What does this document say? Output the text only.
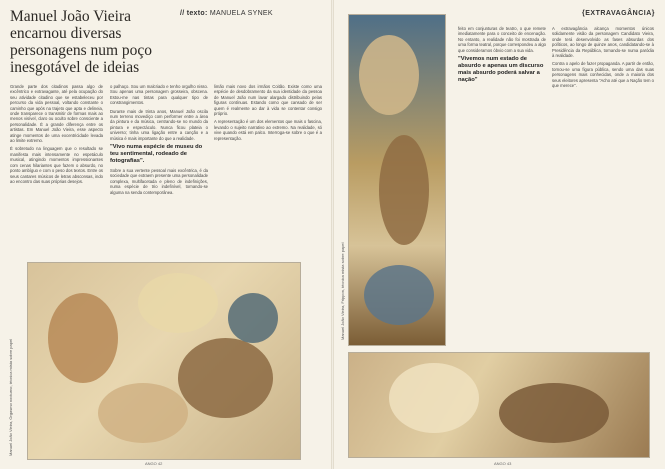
Manuel João Vieira encarnou diversas personagens num poço inesgotável de ideias
// texto: MANUELA SYNEK

Grande parte dos citadinos passa algo de excêntrico e extravagante, até pela ocupação do seu atividade citadino que se estabeleceu por percurso da vida pessoal, voltando constante o caminho que após na trajeto que apta e delineia, onde transparece o transmitir de formas mais ao menos visível, claro ou oculto sobre consciente a personalidade. É a grande diferença entre os artistas. Em Manuel João Vieira, esse aspecto atinge momentos de uma excentricidade levada ao limite extremo.

É sobretudo na linguagem que o resultado se manifesta mais intensamente no espetáculo musical, atingindo momentos impressionantes com cenas hilariantes que fazem o absurdo, no ponto ambíguo e com o peso dos textos. Entre os seus cantares músicos de letras absconsas, indo ao encontro das suas próprias desejos.

o palhaço. Sou um malcriado e tenho orgulho nisso. Sou apenas uma personagem grosseira, obscena. Estou-me nas tintas para qualquer tipo de constrangimentos.

Durante mais de trinta anos, Manuel João oscila num terreno movediço com performer entre a área da pintura e da música, centrando-se no mundo da pintura e espectáculo. Nunca ficou plateia o universo; tinha uma ligação entre a canção e a música é mais importante do que a realidade.

"Vivo numa espécie de museu do teu sentimental, rodeado de fotografias".

Sobre a sua vertente pessoal mais excêntrica, é da sociedade que extraem presente uma personalidade complexa, multifacetada e pleno de indefinições, numa espécie de trio indefinível, tornando-se alguma na senda contemporânea.

limão mais novo dos irmãos Coitão. Existe como uma espécie de desdobramento da sua identidade da pessoa de Manuel João num lavar alargado distribuindo pelas figuras contínuas. Estando como que cansado de ser quem é realmente ao dar à vida se contentar consigo próprio.

A representação é um dos elementos que mais o fascina, levando o sujeito narrativo ao extremo. Na realidade, só vive quando está em palco. Interroga-se sobre o que é a representação.

Manuel João Vieira, Orgasmo nocturno, técnica mista sobre papel
ANGO 42
{EXTRAVAGÂNCIA}

feito em conjunturas de teatro, o que remete imediatamente para o conceito de encenação. No entanto, a realidade não foi mostrada de uma forma teatral, porque correspondeu a algo que consideramos óbvio com a sua vida.

"Vivemos num estado de absurdo e apenas um discurso mais absurdo poderá salvar a nação"

A extravagância alcança momentos únicos solidamente visão da personagem Candidato Vieira, onde terá desenvolvido as fases absurdas dos políticos, ao longo de quinze anos, candidatando-se à Presidência da República, tornando-se numa paródia à realidade.

Contra o apelo de fazer propaganda. A partir de então, tornou-se uma figura pública, sendo uma das suas personagens mais conhecidas, onde a maioria dos seus eleitores apresenta "Acho até que a Nação tem o que merece".

Manuel João Vieira, Frippon, técnica mista sobre papel
ANGO 43
